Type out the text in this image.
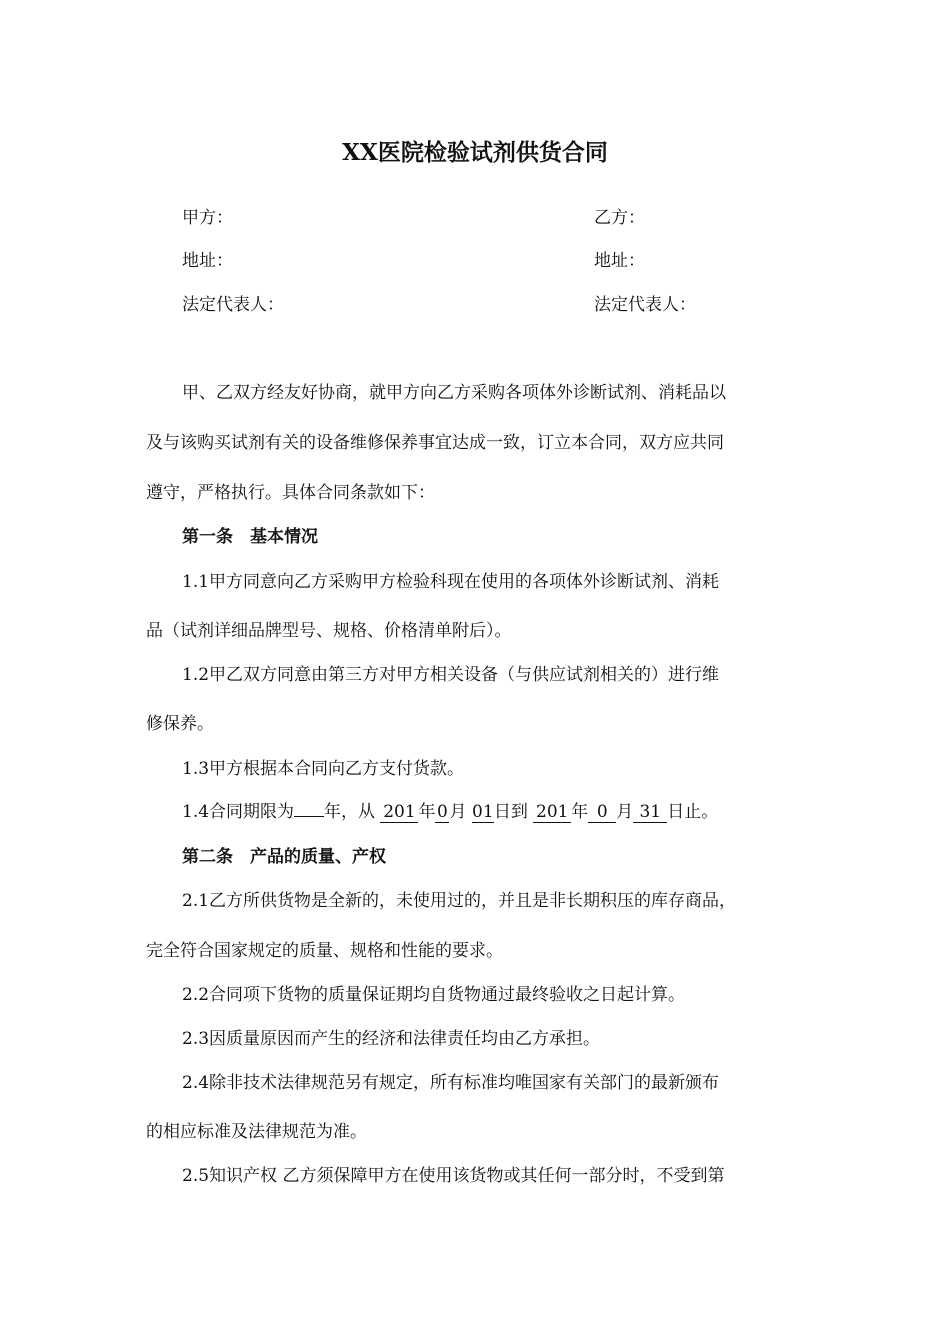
XX医院检验试剂供货合同
甲方：	乙方：
地址：	地址：
法定代表人：	法定代表人：
甲、乙双方经友好协商，就甲方向乙方采购各项体外诊断试剂、消耗品以
及与该购买试剂有关的设备维修保养事宜达成一致，订立本合同，双方应共同
遵守，严格执行。具体合同条款如下：
第一条　基本情况
1.1甲方同意向乙方采购甲方检验科现在使用的各项体外诊断试剂、消耗
品（试剂详细品牌型号、规格、价格清单附后）。
1.2甲乙双方同意由第三方对甲方相关设备（与供应试剂相关的）进行维
修保养。
1.3甲方根据本合同向乙方支付货款。
1.4合同期限为 年，从 201 年0月 01日到 201 年 0 月 31 日止。
第二条　产品的质量、产权
2.1乙方所供货物是全新的，未使用过的，并且是非长期积压的库存商品，
完全符合国家规定的质量、规格和性能的要求。
2.2合同项下货物的质量保证期均自货物通过最终验收之日起计算。
2.3因质量原因而产生的经济和法律责任均由乙方承担。
2.4除非技术法律规范另有规定，所有标准均唯国家有关部门的最新颁布
的相应标准及法律规范为准。
2.5知识产权 乙方须保障甲方在使用该货物或其任何一部分时，不受到第
